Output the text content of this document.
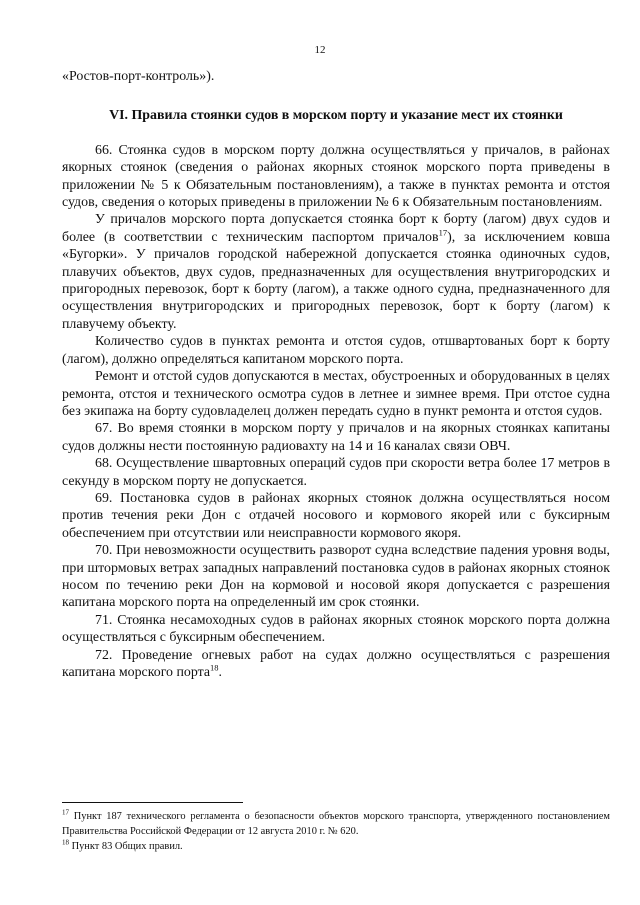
12

«Ростов-порт-контроль»).

VI. Правила стоянки судов в морском порту и указание мест их стоянки

66. Стоянка судов в морском порту должна осуществляться у причалов, в районах якорных стоянок (сведения о районах якорных стоянок морского порта приведены в приложении № 5 к Обязательным постановлениям), а также в пунктах ремонта и отстоя судов, сведения о которых приведены в приложении № 6 к Обязательным постановлениям.

У причалов морского порта допускается стоянка борт к борту (лагом) двух судов и более (в соответствии с техническим паспортом причалов$^{17}$), за исключением ковша «Бугорки». У причалов городской набережной допускается стоянка одиночных судов, плавучих объектов, двух судов, предназначенных для осуществления внутригородских и пригородных перевозок, борт к борту (лагом), а также одного судна, предназначенного для осуществления внутригородских и пригородных перевозок, борт к борту (лагом) к плавучему объекту.

Количество судов в пунктах ремонта и отстоя судов, отшвартованых борт к борту (лагом), должно определяться капитаном морского порта.

Ремонт и отстой судов допускаются в местах, обустроенных и оборудованных в целях ремонта, отстоя и технического осмотра судов в летнее и зимнее время. При отстое судна без экипажа на борту судовладелец должен передать судно в пункт ремонта и отстоя судов.

67. Во время стоянки в морском порту у причалов и на якорных стоянках капитаны судов должны нести постоянную радиовахту на 14 и 16 каналах связи ОВЧ.

68. Осуществление швартовных операций судов при скорости ветра более 17 метров в секунду в морском порту не допускается.

69. Постановка судов в районах якорных стоянок должна осуществляться носом против течения реки Дон с отдачей носового и кормового якорей или с буксирным обеспечением при отсутствии или неисправности кормового якоря.

70. При невозможности осуществить разворот судна вследствие падения уровня воды, при штормовых ветрах западных направлений постановка судов в районах якорных стоянок носом по течению реки Дон на кормовой и носовой якоря допускается с разрешения капитана морского порта на определенный им срок стоянки.

71. Стоянка несамоходных судов в районах якорных стоянок морского порта должна осуществляться с буксирным обеспечением.

72. Проведение огневых работ на судах должно осуществляться с разрешения капитана морского порта$^{18}$.

$^{17}$ Пункт 187 технического регламента о безопасности объектов морского транспорта, утвержденного постановлением Правительства Российской Федерации от 12 августа 2010 г. № 620.

$^{18}$ Пункт 83 Общих правил.
